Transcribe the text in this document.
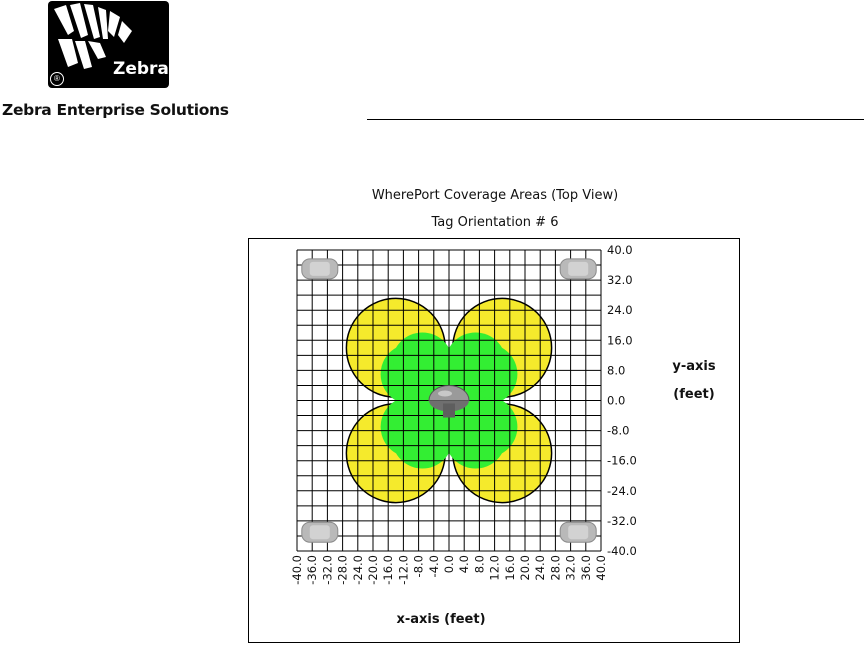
Zebra
®
Zebra Enterprise Solutions
WherePort Coverage Areas (Top View)
Tag Orientation # 6
40.0
32.0
24.0
16.0
8.0
0.0
-8.0
-16.0
-24.0
-32.0
-40.0
-40.0 -36.0 -32.0 -28.0 -24.0 -20.0 -16.0 -12.0 -8.0 -4.0 0.0 4.0 8.0 12.0 16.0 20.0 24.0 28.0 32.0 36.0 40.0
y-axis
(feet)
x-axis (feet)
